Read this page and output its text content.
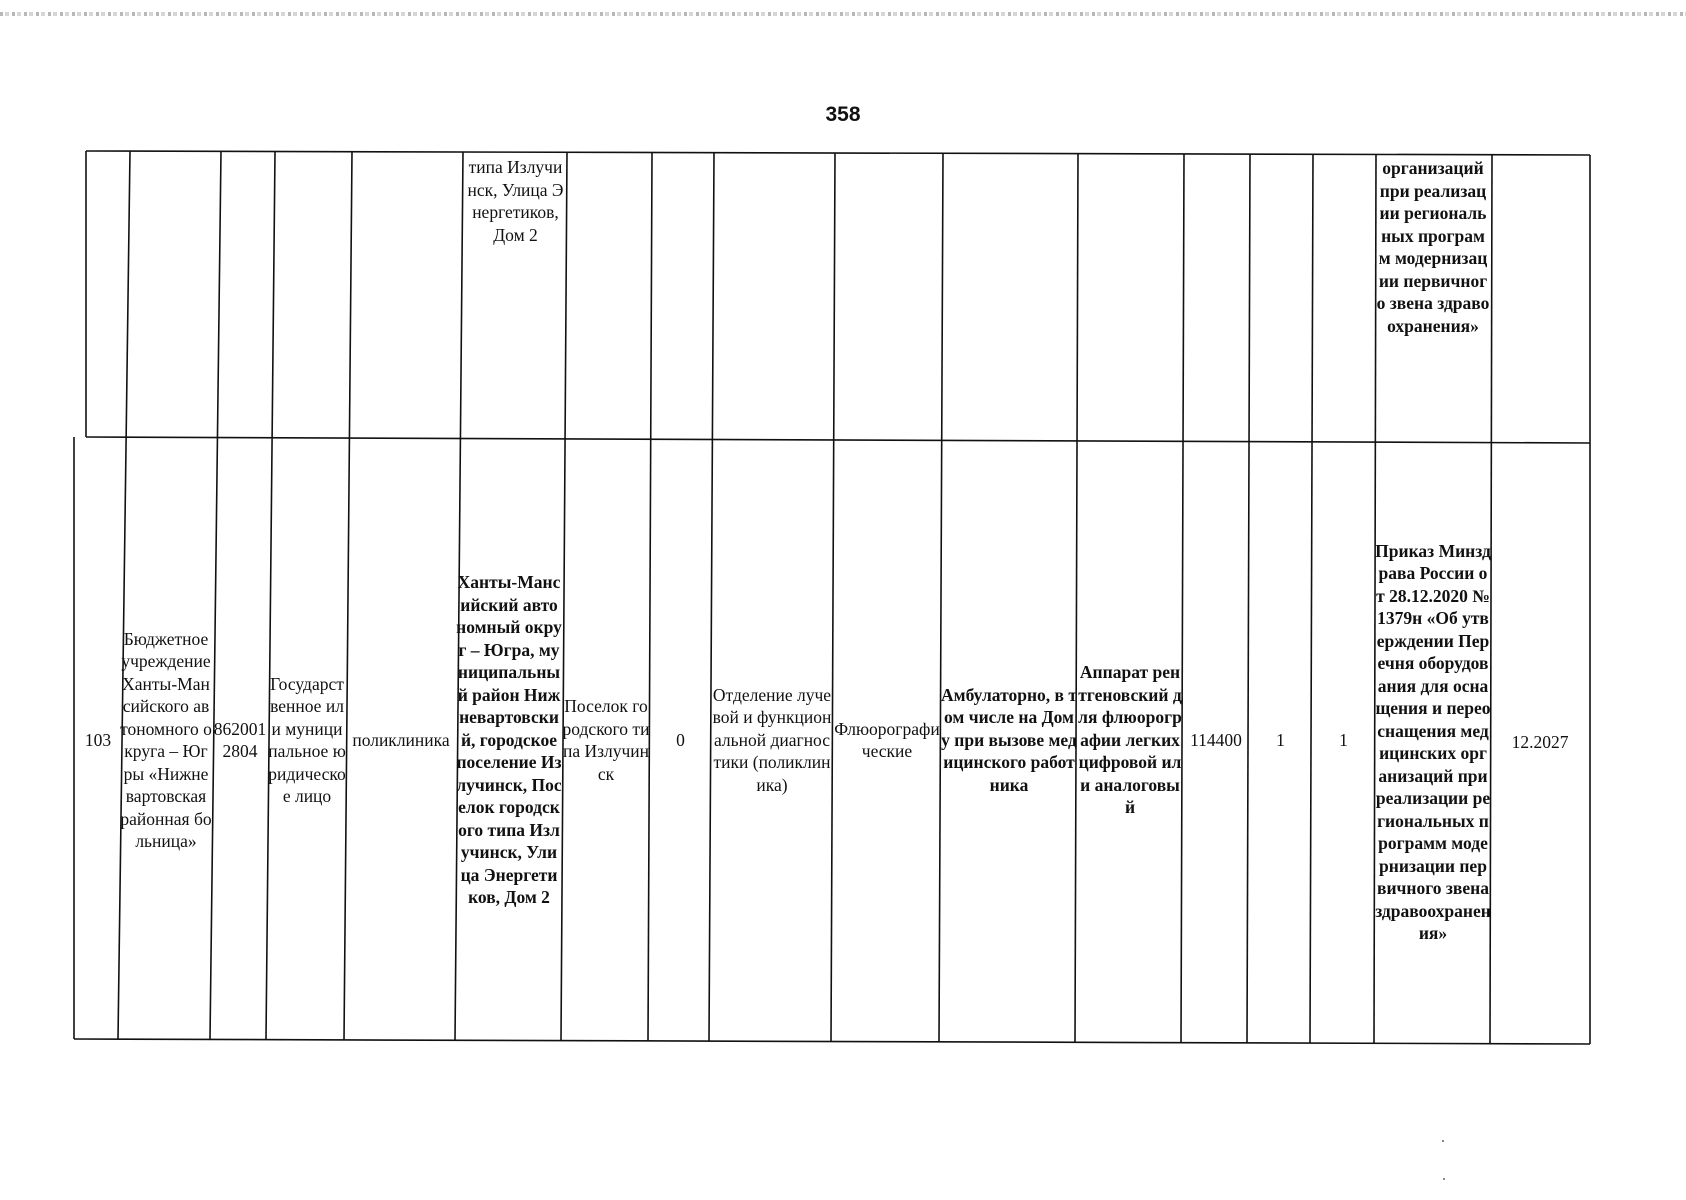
358
типа Излучинск, Улица Энергетиков, Дом 2
организаций при реализации региональных программ модернизации первичного звена здравоохранения»
103
Бюджетное учреждение Ханты-Мансийского автономного округа – Югры «Нижневартовская районная больница»
8620012804
Государственное или муниципальное юридическое лицо
поликлиника
Ханты-Мансийский автономный округ – Югра, муниципальный район Нижневартовский, городское поселение Излучинск, Поселок городского типа Излучинск, Улица Энергетиков, Дом 2
Поселок городского типа Излучинск
0
Отделение лучевой и функциональной диагностики (поликлиника)
Флюорографические
Амбулаторно, в том числе на Дому при вызове медицинского работника
Аппарат рентгеновский для флюорографии легких цифровой или аналоговый
114400 1	1
Приказ Минздрава России от 28.12.2020 № 1379н «Об утверждении Перечня оборудования для оснащения и переоснащения медицинских организаций при реализации региональных программ модернизации первичного звена здравоохранения»
12.2027
